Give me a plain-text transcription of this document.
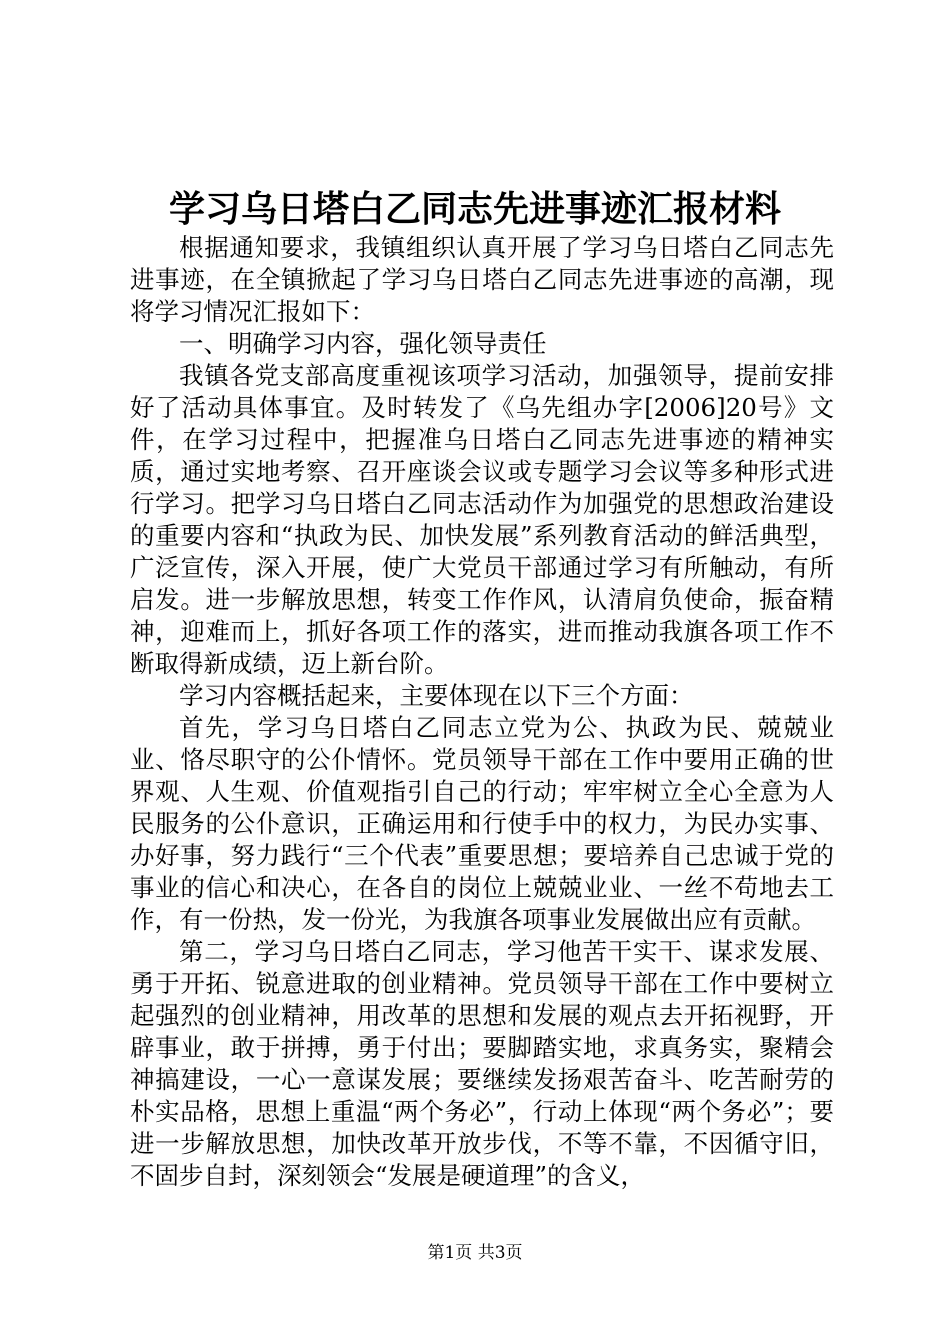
学习乌日塔白乙同志先进事迹汇报材料

根据通知要求，我镇组织认真开展了学习乌日塔白乙同志先进事迹，在全镇掀起了学习乌日塔白乙同志先进事迹的高潮，现将学习情况汇报如下：

一、明确学习内容，强化领导责任

我镇各党支部高度重视该项学习活动，加强领导，提前安排好了活动具体事宜。及时转发了《乌先组办字[2006]20号》文件，在学习过程中，把握准乌日塔白乙同志先进事迹的精神实质，通过实地考察、召开座谈会议或专题学习会议等多种形式进行学习。把学习乌日塔白乙同志活动作为加强党的思想政治建设的重要内容和“执政为民、加快发展”系列教育活动的鲜活典型，广泛宣传，深入开展，使广大党员干部通过学习有所触动，有所启发。进一步解放思想，转变工作作风，认清肩负使命，振奋精神，迎难而上，抓好各项工作的落实，进而推动我旗各项工作不断取得新成绩，迈上新台阶。

学习内容概括起来，主要体现在以下三个方面：

首先，学习乌日塔白乙同志立党为公、执政为民、兢兢业业、恪尽职守的公仆情怀。党员领导干部在工作中要用正确的世界观、人生观、价值观指引自己的行动；牢牢树立全心全意为人民服务的公仆意识，正确运用和行使手中的权力，为民办实事、办好事，努力践行“三个代表”重要思想；要培养自己忠诚于党的事业的信心和决心，在各自的岗位上兢兢业业、一丝不苟地去工作，有一份热，发一份光，为我旗各项事业发展做出应有贡献。

第二，学习乌日塔白乙同志，学习他苦干实干、谋求发展、勇于开拓、锐意进取的创业精神。党员领导干部在工作中要树立起强烈的创业精神，用改革的思想和发展的观点去开拓视野，开辟事业，敢于拼搏，勇于付出；要脚踏实地，求真务实，聚精会神搞建设，一心一意谋发展；要继续发扬艰苦奋斗、吃苦耐劳的朴实品格，思想上重温“两个务必”，行动上体现“两个务必”；要进一步解放思想，加快改革开放步伐，不等不靠，不因循守旧，不固步自封，深刻领会“发展是硬道理”的含义，

第1页 共3页
